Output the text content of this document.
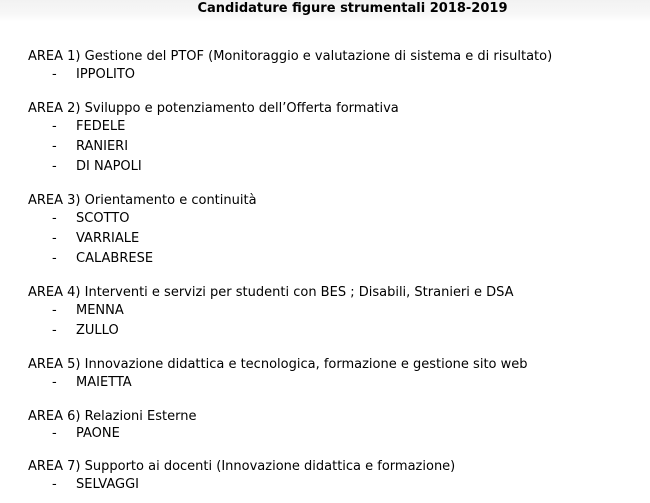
Candidature figure strumentali 2018-2019
AREA 1) Gestione del PTOF (Monitoraggio e valutazione di sistema e di risultato)
- IPPOLITO
AREA 2) Sviluppo e potenziamento dell’Offerta formativa
- FEDELE
- RANIERI
- DI NAPOLI
AREA 3) Orientamento e continuità
- SCOTTO
- VARRIALE
- CALABRESE
AREA 4) Interventi e servizi per studenti con BES ; Disabili, Stranieri e DSA
- MENNA
- ZULLO
AREA 5) Innovazione didattica e tecnologica, formazione e gestione sito web
- MAIETTA
AREA 6) Relazioni Esterne
- PAONE
AREA 7) Supporto ai docenti (Innovazione didattica e formazione)
- SELVAGGI
